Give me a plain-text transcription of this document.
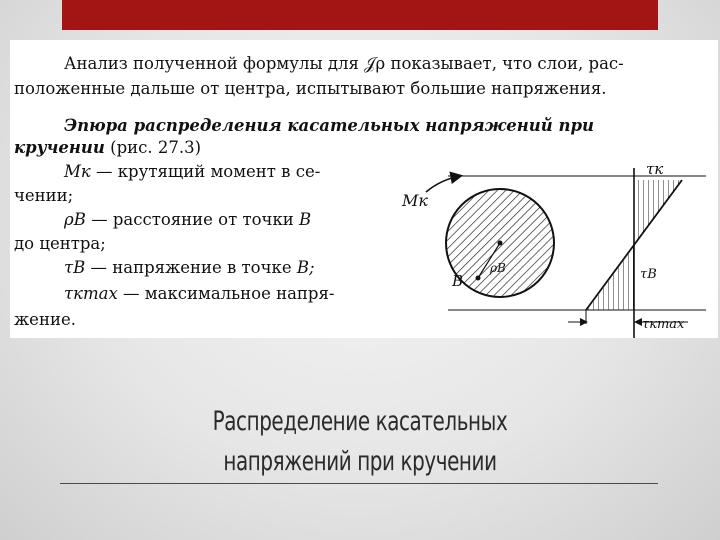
Анализ полученной формулы для 𝒥ρ показывает, что слои, рас-
положенные дальше от центра, испытывают большие напряжения.
Эпюра распределения касательных напряжений при
кручении (рис. 27.3)
Mк — крутящий момент в се-
чении;
ρB — расстояние от точки B
до центра;
τB — напряжение в точке B;
τкmax — максимальное напря-
жение.
Mк
B
ρB
τк
τB
τкmax
Распределение касательных
напряжений при кручении
